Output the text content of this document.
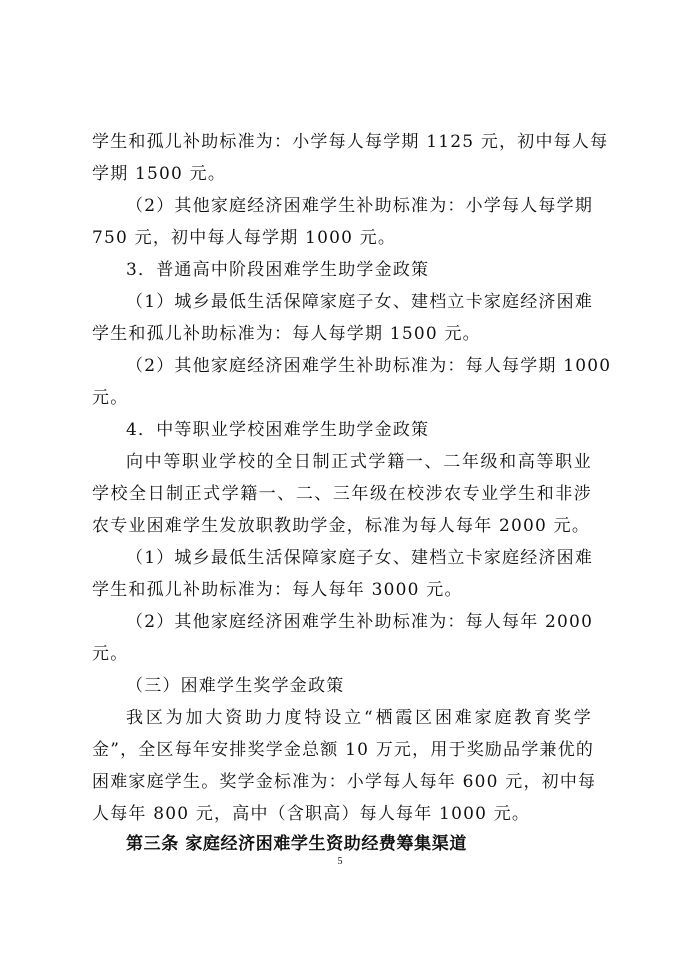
学生和孤儿补助标准为：小学每人每学期 1125 元，初中每人每
学期 1500 元。
（2）其他家庭经济困难学生补助标准为：小学每人每学期
750 元，初中每人每学期 1000 元。
3．普通高中阶段困难学生助学金政策
（1）城乡最低生活保障家庭子女、建档立卡家庭经济困难
学生和孤儿补助标准为：每人每学期 1500 元。
（2）其他家庭经济困难学生补助标准为：每人每学期 1000
元。
4．中等职业学校困难学生助学金政策
向中等职业学校的全日制正式学籍一、二年级和高等职业
学校全日制正式学籍一、二、三年级在校涉农专业学生和非涉
农专业困难学生发放职教助学金，标准为每人每年 2000 元。
（1）城乡最低生活保障家庭子女、建档立卡家庭经济困难
学生和孤儿补助标准为：每人每年 3000 元。
（2）其他家庭经济困难学生补助标准为：每人每年 2000
元。
（三）困难学生奖学金政策
我区为加大资助力度特设立“栖霞区困难家庭教育奖学
金”，全区每年安排奖学金总额 10 万元，用于奖励品学兼优的
困难家庭学生。奖学金标准为：小学每人每年 600 元，初中每
人每年 800 元，高中（含职高）每人每年 1000 元。
第三条 家庭经济困难学生资助经费筹集渠道
5
